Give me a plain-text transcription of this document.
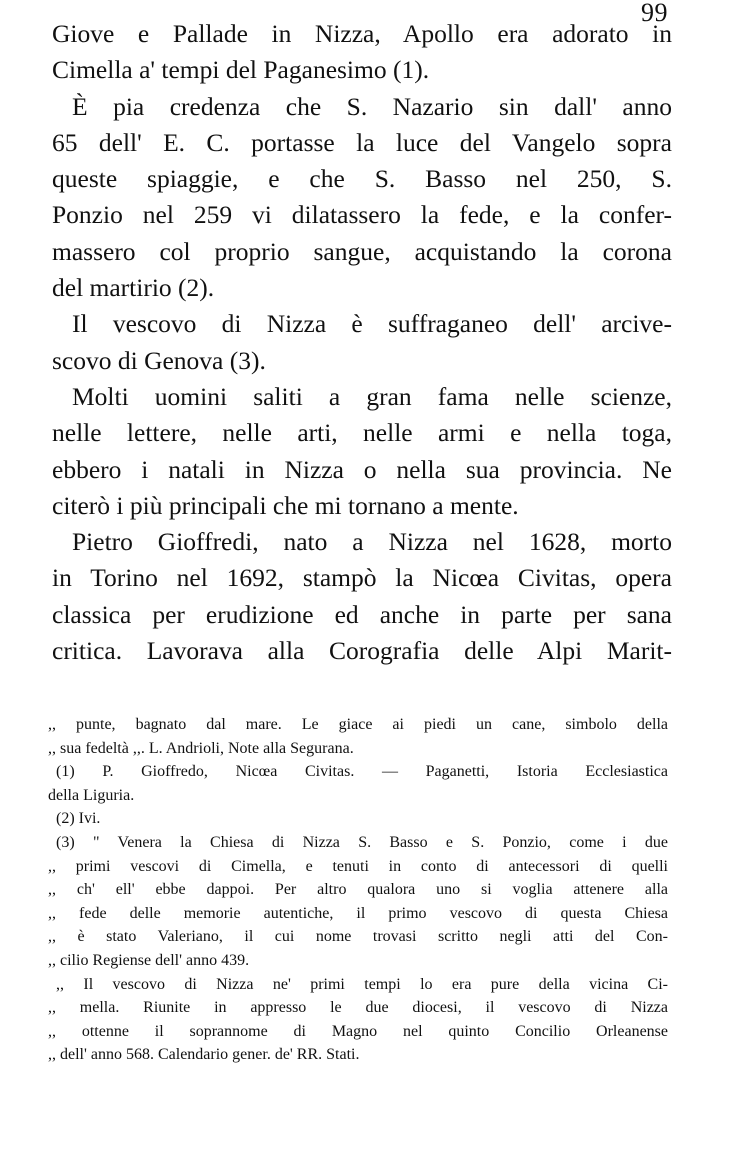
99
Giove e Pallade in Nizza, Apollo era adorato in
Cimella a' tempi del Paganesimo (1).
È pia credenza che S. Nazario sin dall' anno
65 dell' E. C. portasse la luce del Vangelo sopra
queste spiaggie, e che S. Basso nel 250, S.
Ponzio nel 259 vi dilatassero la fede, e la confer-
massero col proprio sangue, acquistando la corona
del martirio (2).
Il vescovo di Nizza è suffraganeo dell' arcive-
scovo di Genova (3).
Molti uomini saliti a gran fama nelle scienze,
nelle lettere, nelle arti, nelle armi e nella toga,
ebbero i natali in Nizza o nella sua provincia. Ne
citerò i più principali che mi tornano a mente.
Pietro Gioffredi, nato a Nizza nel 1628, morto
in Torino nel 1692, stampò la Nicœa Civitas, opera
classica per erudizione ed anche in parte per sana
critica. Lavorava alla Corografia delle Alpi Marit-
,, punte, bagnato dal mare. Le giace ai piedi un cane, simbolo della
,, sua fedeltà ,,. L. Andrioli, Note alla Segurana.
(1) P. Gioffredo, Nicœa Civitas. — Paganetti, Istoria Ecclesiastica
della Liguria.
(2) Ivi.
(3) " Venera la Chiesa di Nizza S. Basso e S. Ponzio, come i due
,, primi vescovi di Cimella, e tenuti in conto di antecessori di quelli
,, ch' ell' ebbe dappoi. Per altro qualora uno si voglia attenere alla
,, fede delle memorie autentiche, il primo vescovo di questa Chiesa
,, è stato Valeriano, il cui nome trovasi scritto negli atti del Con-
,, cilio Regiense dell' anno 439.
,, Il vescovo di Nizza ne' primi tempi lo era pure della vicina Ci-
,, mella. Riunite in appresso le due diocesi, il vescovo di Nizza
,, ottenne il soprannome di Magno nel quinto Concilio Orleanense
,, dell' anno 568. Calendario gener. de' RR. Stati.
